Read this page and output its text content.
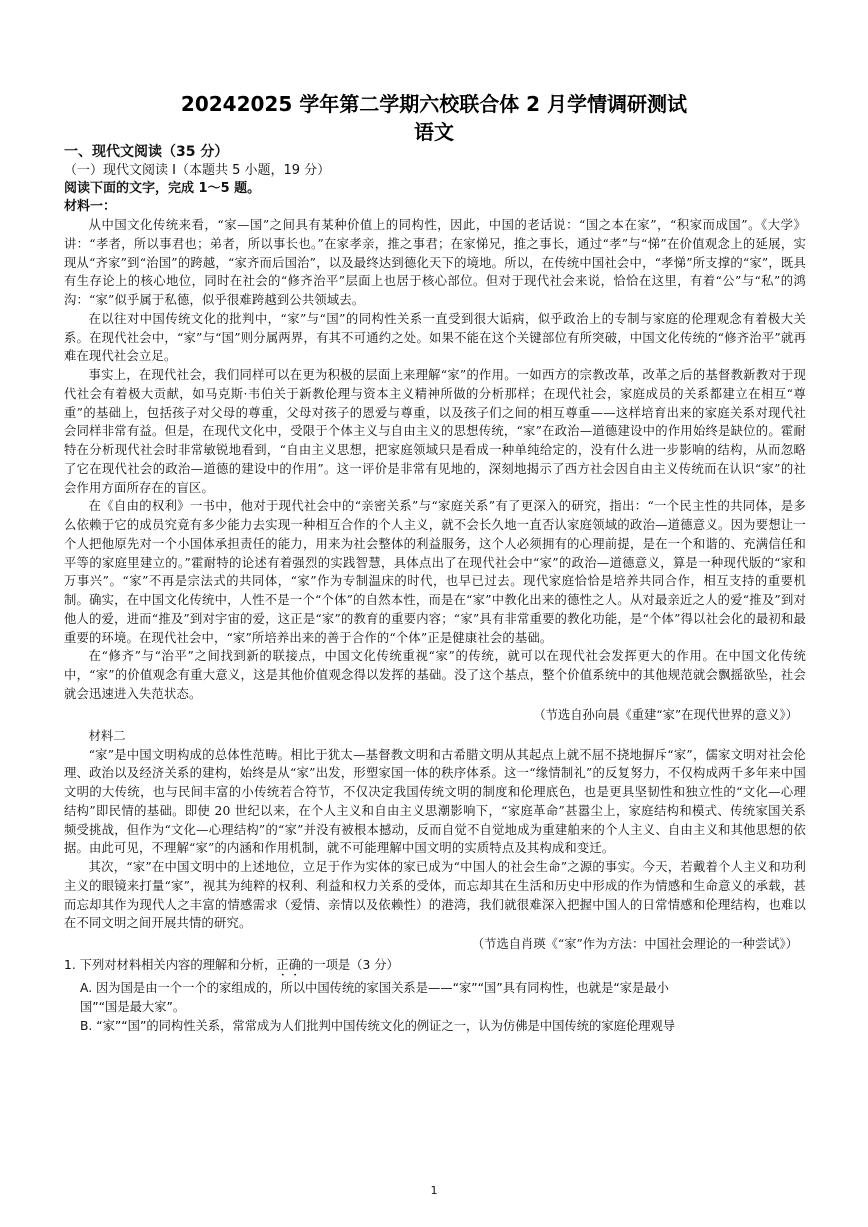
20242025 学年第二学期六校联合体 2 月学情调研测试
语文
一、现代文阅读（35 分）
（一）现代文阅读 I（本题共 5 小题，19 分）
阅读下面的文字，完成 1～5 题。
材料一：

从中国文化传统来看，“家—国”之间具有某种价值上的同构性，因此，中国的老话说：“国之本在家”，“积家而成国”。《大学》讲：“孝者，所以事君也；弟者，所以事长也。”在家孝亲，推之事君；在家悌兄，推之事长，通过“孝”与“悌”在价值观念上的延展，实现从“齐家”到“治国”的跨越，“家齐而后国治”，以及最终达到德化天下的境地。所以，在传统中国社会中，“孝悌”所支撑的“家”，既具有生存论上的核心地位，同时在社会的“修齐治平”层面上也居于核心部位。但对于现代社会来说，恰恰在这里，有着“公”与“私”的鸿沟：“家”似乎属于私德，似乎很难跨越到公共领域去。

在以往对中国传统文化的批判中，“家”与“国”的同构性关系一直受到很大诟病，似乎政治上的专制与家庭的伦理观念有着极大关系。在现代社会中，“家”与“国”则分属两界，有其不可通约之处。如果不能在这个关键部位有所突破，中国文化传统的“修齐治平”就再难在现代社会立足。

事实上，在现代社会，我们同样可以在更为积极的层面上来理解“家”的作用。一如西方的宗教改革，改革之后的基督教新教对于现代社会有着极大贡献，如马克斯·韦伯关于新教伦理与资本主义精神所做的分析那样；在现代社会，家庭成员的关系都建立在相互“尊重”的基础上，包括孩子对父母的尊重，父母对孩子的恩爱与尊重，以及孩子们之间的相互尊重——这样培育出来的家庭关系对现代社会同样非常有益。但是，在现代文化中，受限于个体主义与自由主义的思想传统，“家”在政治—道德建设中的作用始终是缺位的。霍耐特在分析现代社会时非常敏锐地看到，“自由主义思想，把家庭领域只是看成一种单纯给定的，没有什么进一步影响的结构，从而忽略了它在现代社会的政治—道德的建设中的作用”。这一评价是非常有见地的，深刻地揭示了西方社会因自由主义传统而在认识“家”的社会作用方面所存在的盲区。

在《自由的权利》一书中，他对于现代社会中的“亲密关系”与“家庭关系”有了更深入的研究，指出：“一个民主性的共同体，是多么依赖于它的成员究竟有多少能力去实现一种相互合作的个人主义，就不会长久地一直否认家庭领域的政治—道德意义。因为要想让一个人把他原先对一个小国体承担责任的能力，用来为社会整体的利益服务，这个人必须拥有的心理前提，是在一个和谐的、充满信任和平等的家庭里建立的。”霍耐特的论述有着强烈的实践智慧，具体点出了在现代社会中“家”的政治—道德意义，算是一种现代版的“家和万事兴”。“家”不再是宗法式的共同体，“家”作为专制温床的时代，也早已过去。现代家庭恰恰是培养共同合作，相互支持的重要机制。确实，在中国文化传统中，人性不是一个“个体”的自然本性，而是在“家”中教化出来的德性之人。从对最亲近之人的爱“推及”到对他人的爱，进而“推及”到对宇宙的爱，这正是“家”的教育的重要内容；“家”具有非常重要的教化功能，是“个体”得以社会化的最初和最重要的环境。在现代社会中，“家”所培养出来的善于合作的“个体”正是健康社会的基础。

在“修齐”与“治平”之间找到新的联接点，中国文化传统重视“家”的传统，就可以在现代社会发挥更大的作用。在中国文化传统中，“家”的价值观念有重大意义，这是其他价值观念得以发挥的基础。没了这个基点，整个价值系统中的其他规范就会飘摇欲坠，社会就会迅速进入失范状态。

（节选自孙向晨《重建“家”在现代世界的意义》）
材料二

“家”是中国文明构成的总体性范畴。相比于犹太—基督教文明和古希腊文明从其起点上就不屈不挠地摒斥“家”，儒家文明对社会伦理、政治以及经济关系的建构，始终是从“家”出发，形塑家国一体的秩序体系。这一“缘情制礼”的反复努力，不仅构成两千多年来中国文明的大传统，也与民间丰富的小传统若合符节，不仅决定我国传统文明的制度和伦理底色，也是更具坚韧性和独立性的“文化—心理结构”即民情的基础。即使 20 世纪以来，在个人主义和自由主义思潮影响下，“家庭革命”甚嚣尘上，家庭结构和模式、传统家国关系频受挑战，但作为“文化—心理结构”的“家”并没有被根本撼动，反而自觉不自觉地成为重建舶来的个人主义、自由主义和其他思想的依据。由此可见，不理解“家”的内涵和作用机制，就不可能理解中国文明的实质特点及其构成和变迁。

其次，“家”在中国文明中的上述地位，立足于作为实体的家已成为“中国人的社会生命”之源的事实。今天，若戴着个人主义和功利主义的眼镜来打量“家”，视其为纯粹的权利、利益和权力关系的受体，而忘却其在生活和历史中形成的作为情感和生命意义的承载，甚而忘却其作为现代人之丰富的情感需求（爱情、亲情以及依赖性）的港湾，我们就很难深入把握中国人的日常情感和伦理结构，也难以在不同文明之间开展共情的研究。

（节选自肖瑛《“家”作为方法：中国社会理论的一种尝试》）
1. 下列对材料相关内容的理解和分析，正确的一项是（3 分）
A. 因为国是由一个一个的家组成的，所以中国传统的家国关系是——“家”“国”具有同构性，也就是“家是最小
国”“国是最大家”。
B. “家”“国”的同构性关系，常常成为人们批判中国传统文化的例证之一，认为仿佛是中国传统的家庭伦理观导
1
